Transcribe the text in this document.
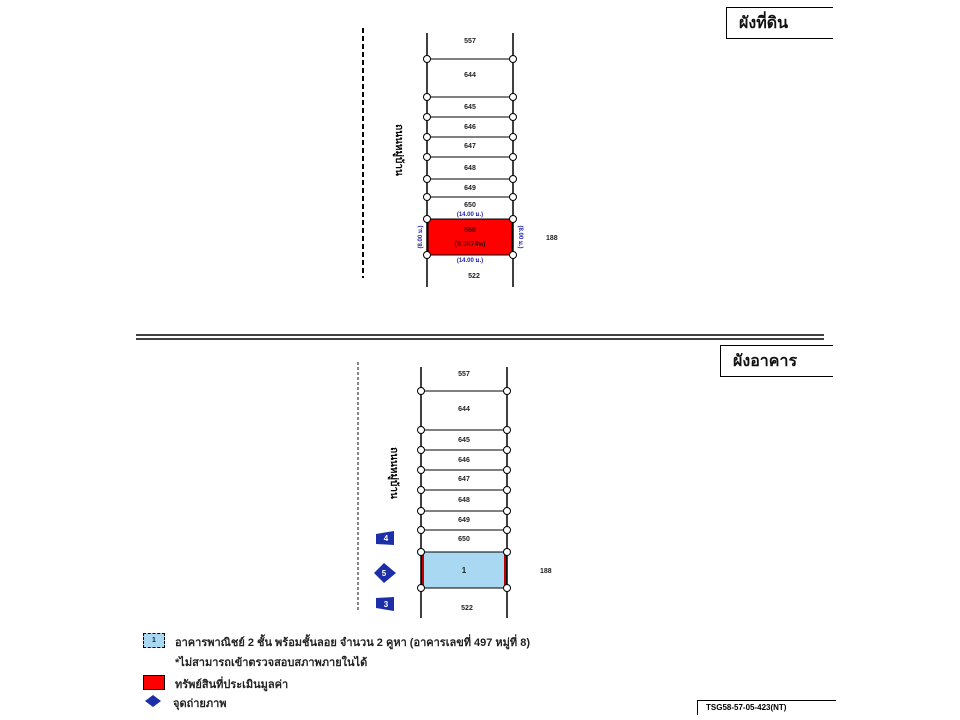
ผังที่ดิน
ผังอาคาร
ถนนหมู่บ้าน
557
644
645
646
647
648
649
650
522
558
(0.3874ห)
(14.00 ม.)
(14.00 ม.)
(8.00 ม.)	(8.00 ม.)	188
ถนนหมู่บ้าน
557
644
645
646
647
648
649
650
522
1	188
4
5
3
1	อาคารพาณิชย์ 2 ชั้น พร้อมชั้นลอย จำนวน 2 คูหา (อาคารเลขที่ 497 หมู่ที่ 8)
*ไม่สามารถเข้าตรวจสอบสภาพภายในได้
ทรัพย์สินที่ประเมินมูลค่า
จุดถ่ายภาพ	TSG58-57-05-423(NT)
